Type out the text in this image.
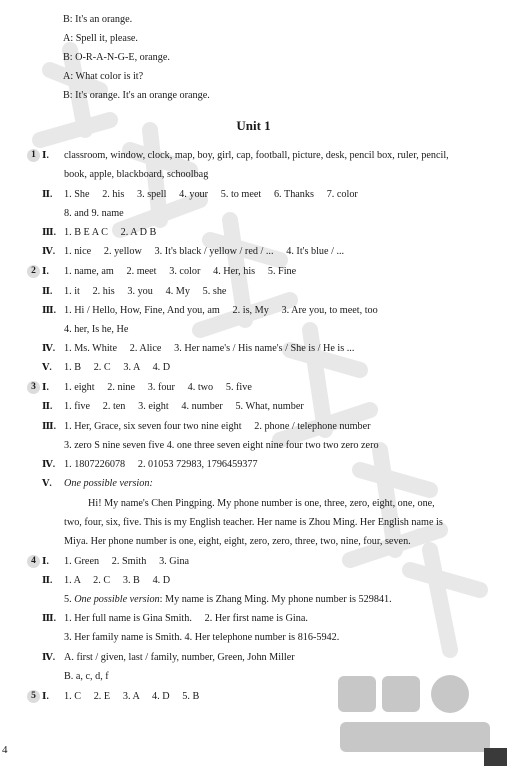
B: It's an orange.
A: Spell it, please.
B: O-R-A-N-G-E, orange.
A: What color is it?
B: It's orange. It's an orange orange.
Unit 1
1 Ⅰ. classroom, window, clock, map, boy, girl, cap, football, picture, desk, pencil box, ruler, pencil,
book, apple, blackboard, schoolbag
Ⅱ. 1. She     2. his     3. spell     4. your     5. to meet     6. Thanks     7. color
8. and 9. name
Ⅲ. 1. B E A C     2. A D B
Ⅳ. 1. nice     2. yellow     3. It's black / yellow / red / ...     4. It's blue / ...
2 Ⅰ. 1. name, am     2. meet     3. color     4. Her, his     5. Fine
Ⅱ. 1. it     2. his     3. you     4. My     5. she
Ⅲ. 1. Hi / Hello, How, Fine, And you, am     2. is, My     3. Are you, to meet, too
4. her, Is he, He
Ⅳ. 1. Ms. White     2. Alice     3. Her name's / His name's / She is / He is ...
Ⅴ. 1. B     2. C     3. A     4. D
3 Ⅰ. 1. eight     2. nine     3. four     4. two     5. five
Ⅱ. 1. five     2. ten     3. eight     4. number     5. What, number
Ⅲ. 1. Her, Grace, six seven four two nine eight     2. phone / telephone number
3. zero S nine seven five 4. one three seven eight nine four two two zero zero
Ⅳ. 1. 1807226078     2. 01053 72983, 1796459377
Ⅴ. One possible version:
Hi! My name's Chen Pingping. My phone number is one, three, zero, eight, one, one,
two, four, six, five. This is my English teacher. Her name is Zhou Ming. Her English name is
Miya. Her phone number is one, eight, eight, zero, zero, three, two, nine, four, seven.
4 Ⅰ. 1. Green     2. Smith     3. Gina
Ⅱ. 1. A     2. C     3. B     4. D
5. One possible version: My name is Zhang Ming. My phone number is 529841.
Ⅲ. 1. Her full name is Gina Smith.     2. Her first name is Gina.
3. Her family name is Smith. 4. Her telephone number is 816-5942.
Ⅳ. A. first / given, last / family, number, Green, John Miller
B. a, c, d, f
5 Ⅰ. 1. C     2. E     3. A     4. D     5. B
4
